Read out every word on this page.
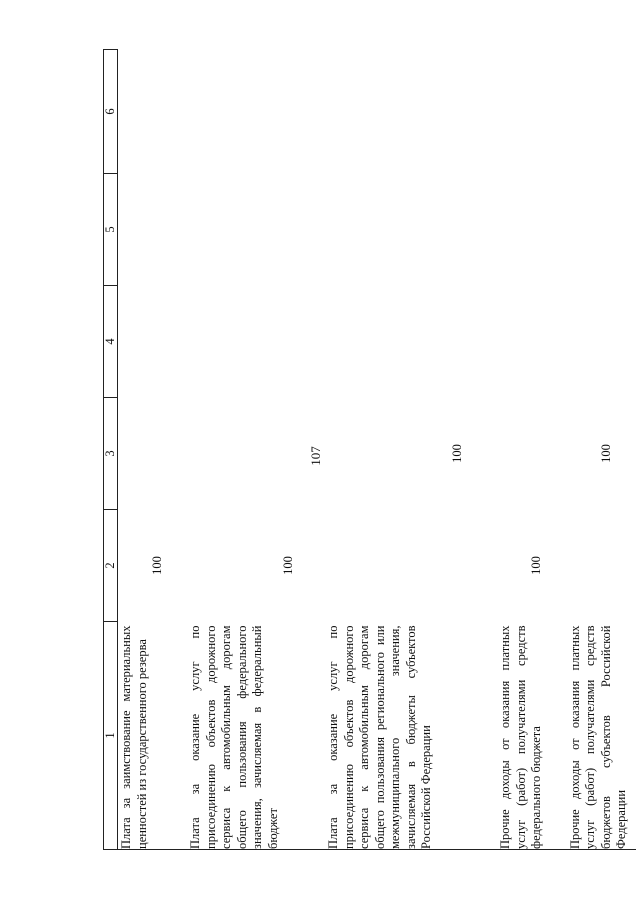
107
1	2	3	4	5	6

Плата за заимствование материальных ценностей из государственного резерва	100				

Плата за оказание услуг по присоединению объектов дорожного сервиса к автомобильным дорогам общего пользования федерального значения, зачисляемая в федеральный бюджет	100				

Плата за оказание услуг по присоединению объектов дорожного сервиса к автомобильным дорогам общего пользования регионального или межмуниципального значения, зачисляемая в бюджеты субъектов Российской Федерации		100			

Прочие доходы от оказания платных услуг (работ) получателями средств федерального бюджета	100				

Прочие доходы от оказания платных услуг (работ) получателями средств бюджетов субъектов Российской Федерации		100			
